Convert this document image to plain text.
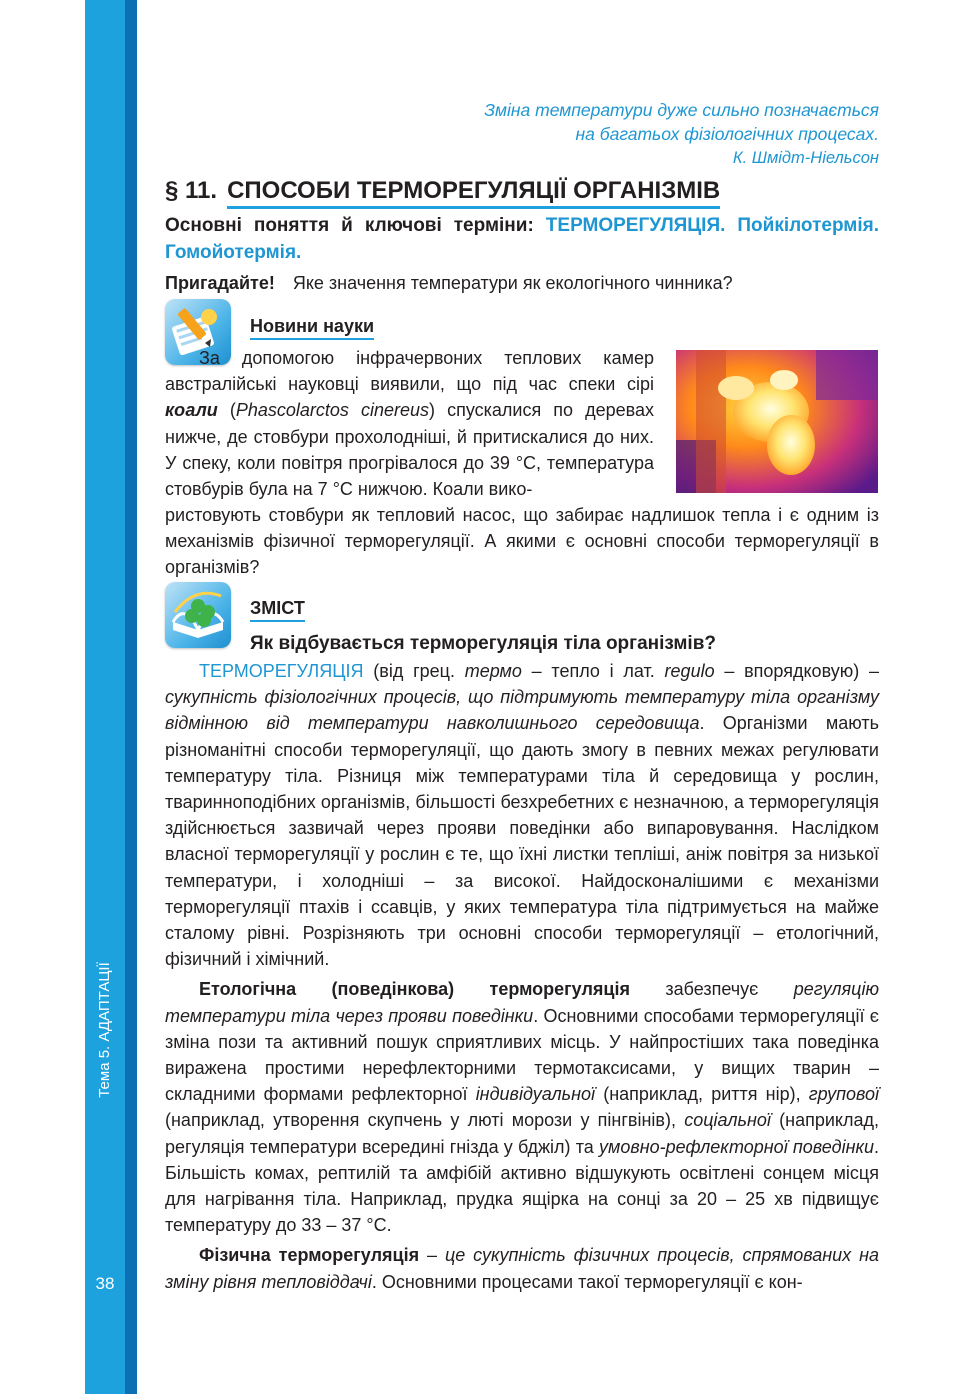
Тема 5. АДАПТАЦІЇ
38
Зміна температури дуже сильно позначається
на багатьох фізіологічних процесах.
К. Шмідт-Ніельсон
§ 11. СПОСОБИ ТЕРМОРЕГУЛЯЦІЇ ОРГАНІЗМІВ
Основні поняття й ключові терміни: ТЕРМОРЕГУЛЯЦІЯ. Пойкілотермія. Гомойотермія.
Пригадайте! Яке значення температури як екологічного чинника?
Новини науки

За допомогою інфрачервоних теплових камер австралійські науковці виявили, що під час спеки сірі коали (Phascolarctos cinereus) спускалися по деревах нижче, де стовбури прохолодніші, й притискалися до них. У спеку, коли повітря прогрівалося до 39 °С, температура стовбурів була на 7 °С нижчою. Коали вико-

ристовують стовбури як тепловий насос, що забирає надлишок тепла і є одним із механізмів фізичної терморегуляції. А якими є основні способи терморегуляції в організмів?

ЗМІСТ
Як відбувається терморегуляція тіла організмів?

ТЕРМОРЕГУЛЯЦІЯ (від грец. термо – тепло і лат. regulo – впорядковую) – сукупність фізіологічних процесів, що підтримують температуру тіла організму відмінною від температури навколишнього середовища. Організми мають різноманітні способи терморегуляції, що дають змогу в певних межах регулювати температуру тіла. Різниця між температурами тіла й середовища у рослин, тваринноподібних організмів, більшості безхребетних є незначною, а терморегуляція здійснюється зазвичай через прояви поведінки або випаровування. Наслідком власної терморегуляції у рослин є те, що їхні листки тепліші, аніж повітря за низької температури, і холодніші – за високої. Найдосконалішими є механізми терморегуляції птахів і ссавців, у яких температура тіла підтримується на майже сталому рівні. Розрізняють три основні способи терморегуляції – етологічний, фізичний і хімічний.

Етологічна (поведінкова) терморегуляція забезпечує регуляцію температури тіла через прояви поведінки. Основними способами терморегуляції є зміна пози та активний пошук сприятливих місць. У найпростіших така поведінка виражена простими нерефлекторними термотаксисами, у вищих тварин – складними формами рефлекторної індивідуальної (наприклад, риття нір), групової (наприклад, утворення скупчень у люті морози у пінгвінів), соціальної (наприклад, регуляція температури всередині гнізда у бджіл) та умовно-рефлекторної поведінки. Більшість комах, рептилій та амфібій активно відшукують освітлені сонцем місця для нагрівання тіла. Наприклад, прудка ящірка на сонці за 20 – 25 хв підвищує температуру до 33 – 37 °С.

Фізична терморегуляція – це сукупність фізичних процесів, спрямованих на зміну рівня тепловіддачі. Основними процесами такої терморегуляції є кон-
